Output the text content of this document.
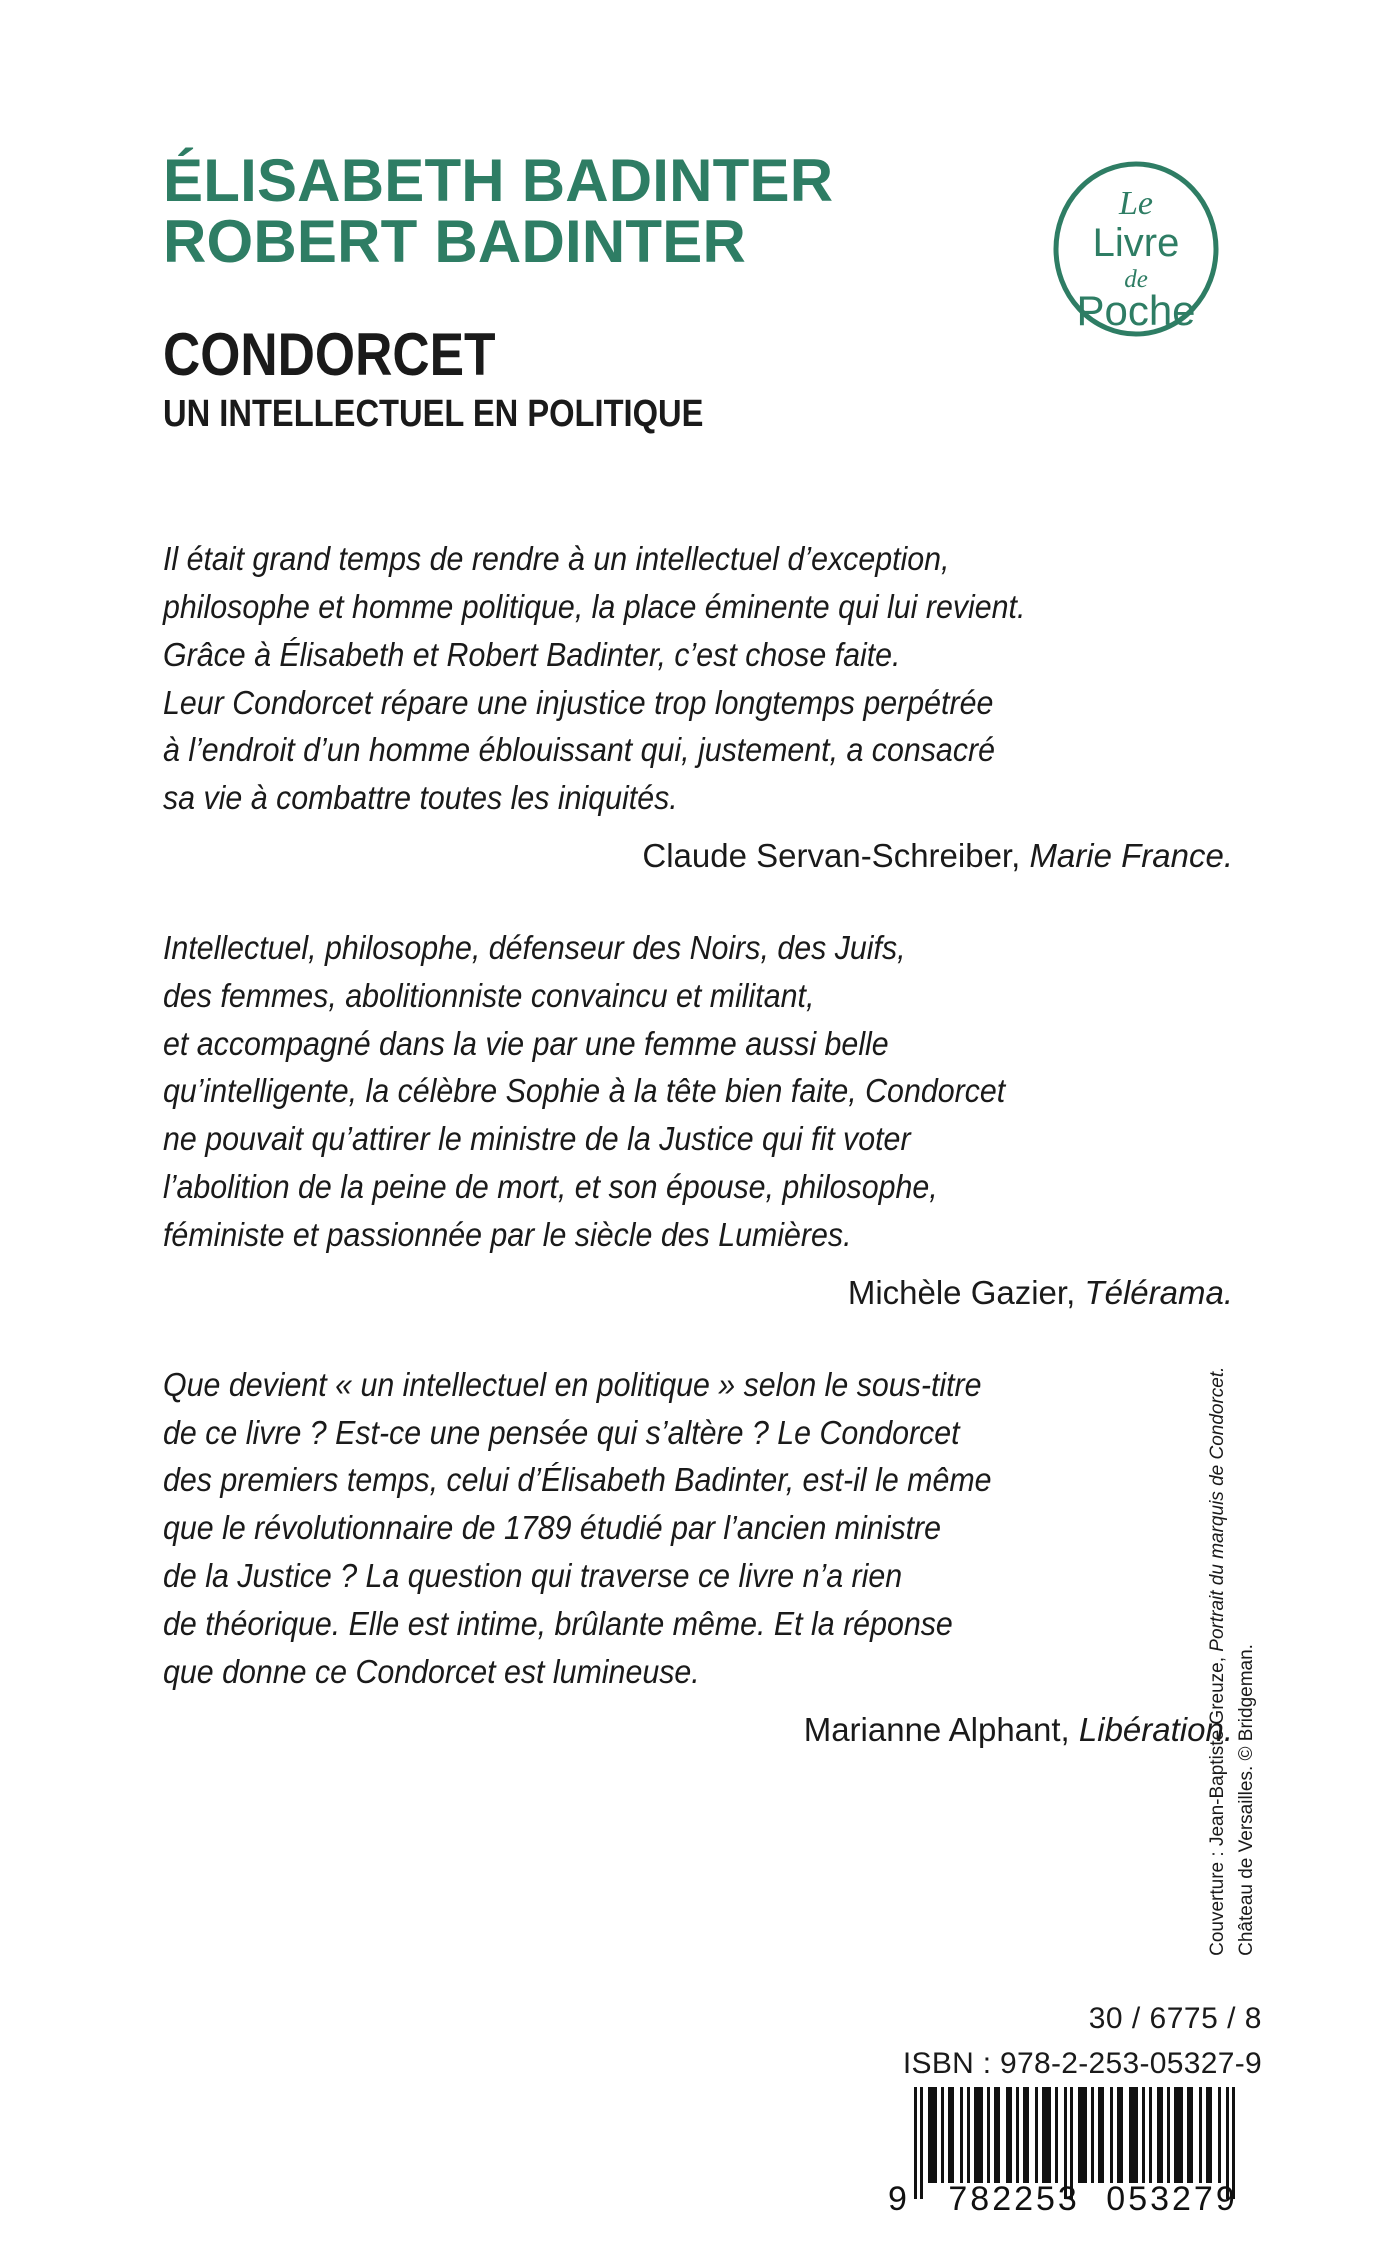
ÉLISABETH BADINTER
ROBERT BADINTER
CONDORCET
UN INTELLECTUEL EN POLITIQUE
Le
Livre
de
Poche
Il était grand temps de rendre à un intellectuel d’exception,
philosophe et homme politique, la place éminente qui lui revient.
Grâce à Élisabeth et Robert Badinter, c’est chose faite.
Leur Condorcet répare une injustice trop longtemps perpétrée
à l’endroit d’un homme éblouissant qui, justement, a consacré
sa vie à combattre toutes les iniquités.
Claude Servan-Schreiber, Marie France.
Intellectuel, philosophe, défenseur des Noirs, des Juifs,
des femmes, abolitionniste convaincu et militant,
et accompagné dans la vie par une femme aussi belle
qu’intelligente, la célèbre Sophie à la tête bien faite, Condorcet
ne pouvait qu’attirer le ministre de la Justice qui fit voter
l’abolition de la peine de mort, et son épouse, philosophe,
féministe et passionnée par le siècle des Lumières.
Michèle Gazier, Télérama.
Que devient « un intellectuel en politique » selon le sous-titre
de ce livre ? Est-ce une pensée qui s’altère ? Le Condorcet
des premiers temps, celui d’Élisabeth Badinter, est-il le même
que le révolutionnaire de 1789 étudié par l’ancien ministre
de la Justice ? La question qui traverse ce livre n’a rien
de théorique. Elle est intime, brûlante même. Et la réponse
que donne ce Condorcet est lumineuse.
Marianne Alphant, Libération.
Couverture : Jean-Baptiste Greuze, Portrait du marquis de Condorcet.
Château de Versailles. © Bridgeman.
30 / 6775 / 8
ISBN : 978-2-253-05327-9
9 782253 053279
